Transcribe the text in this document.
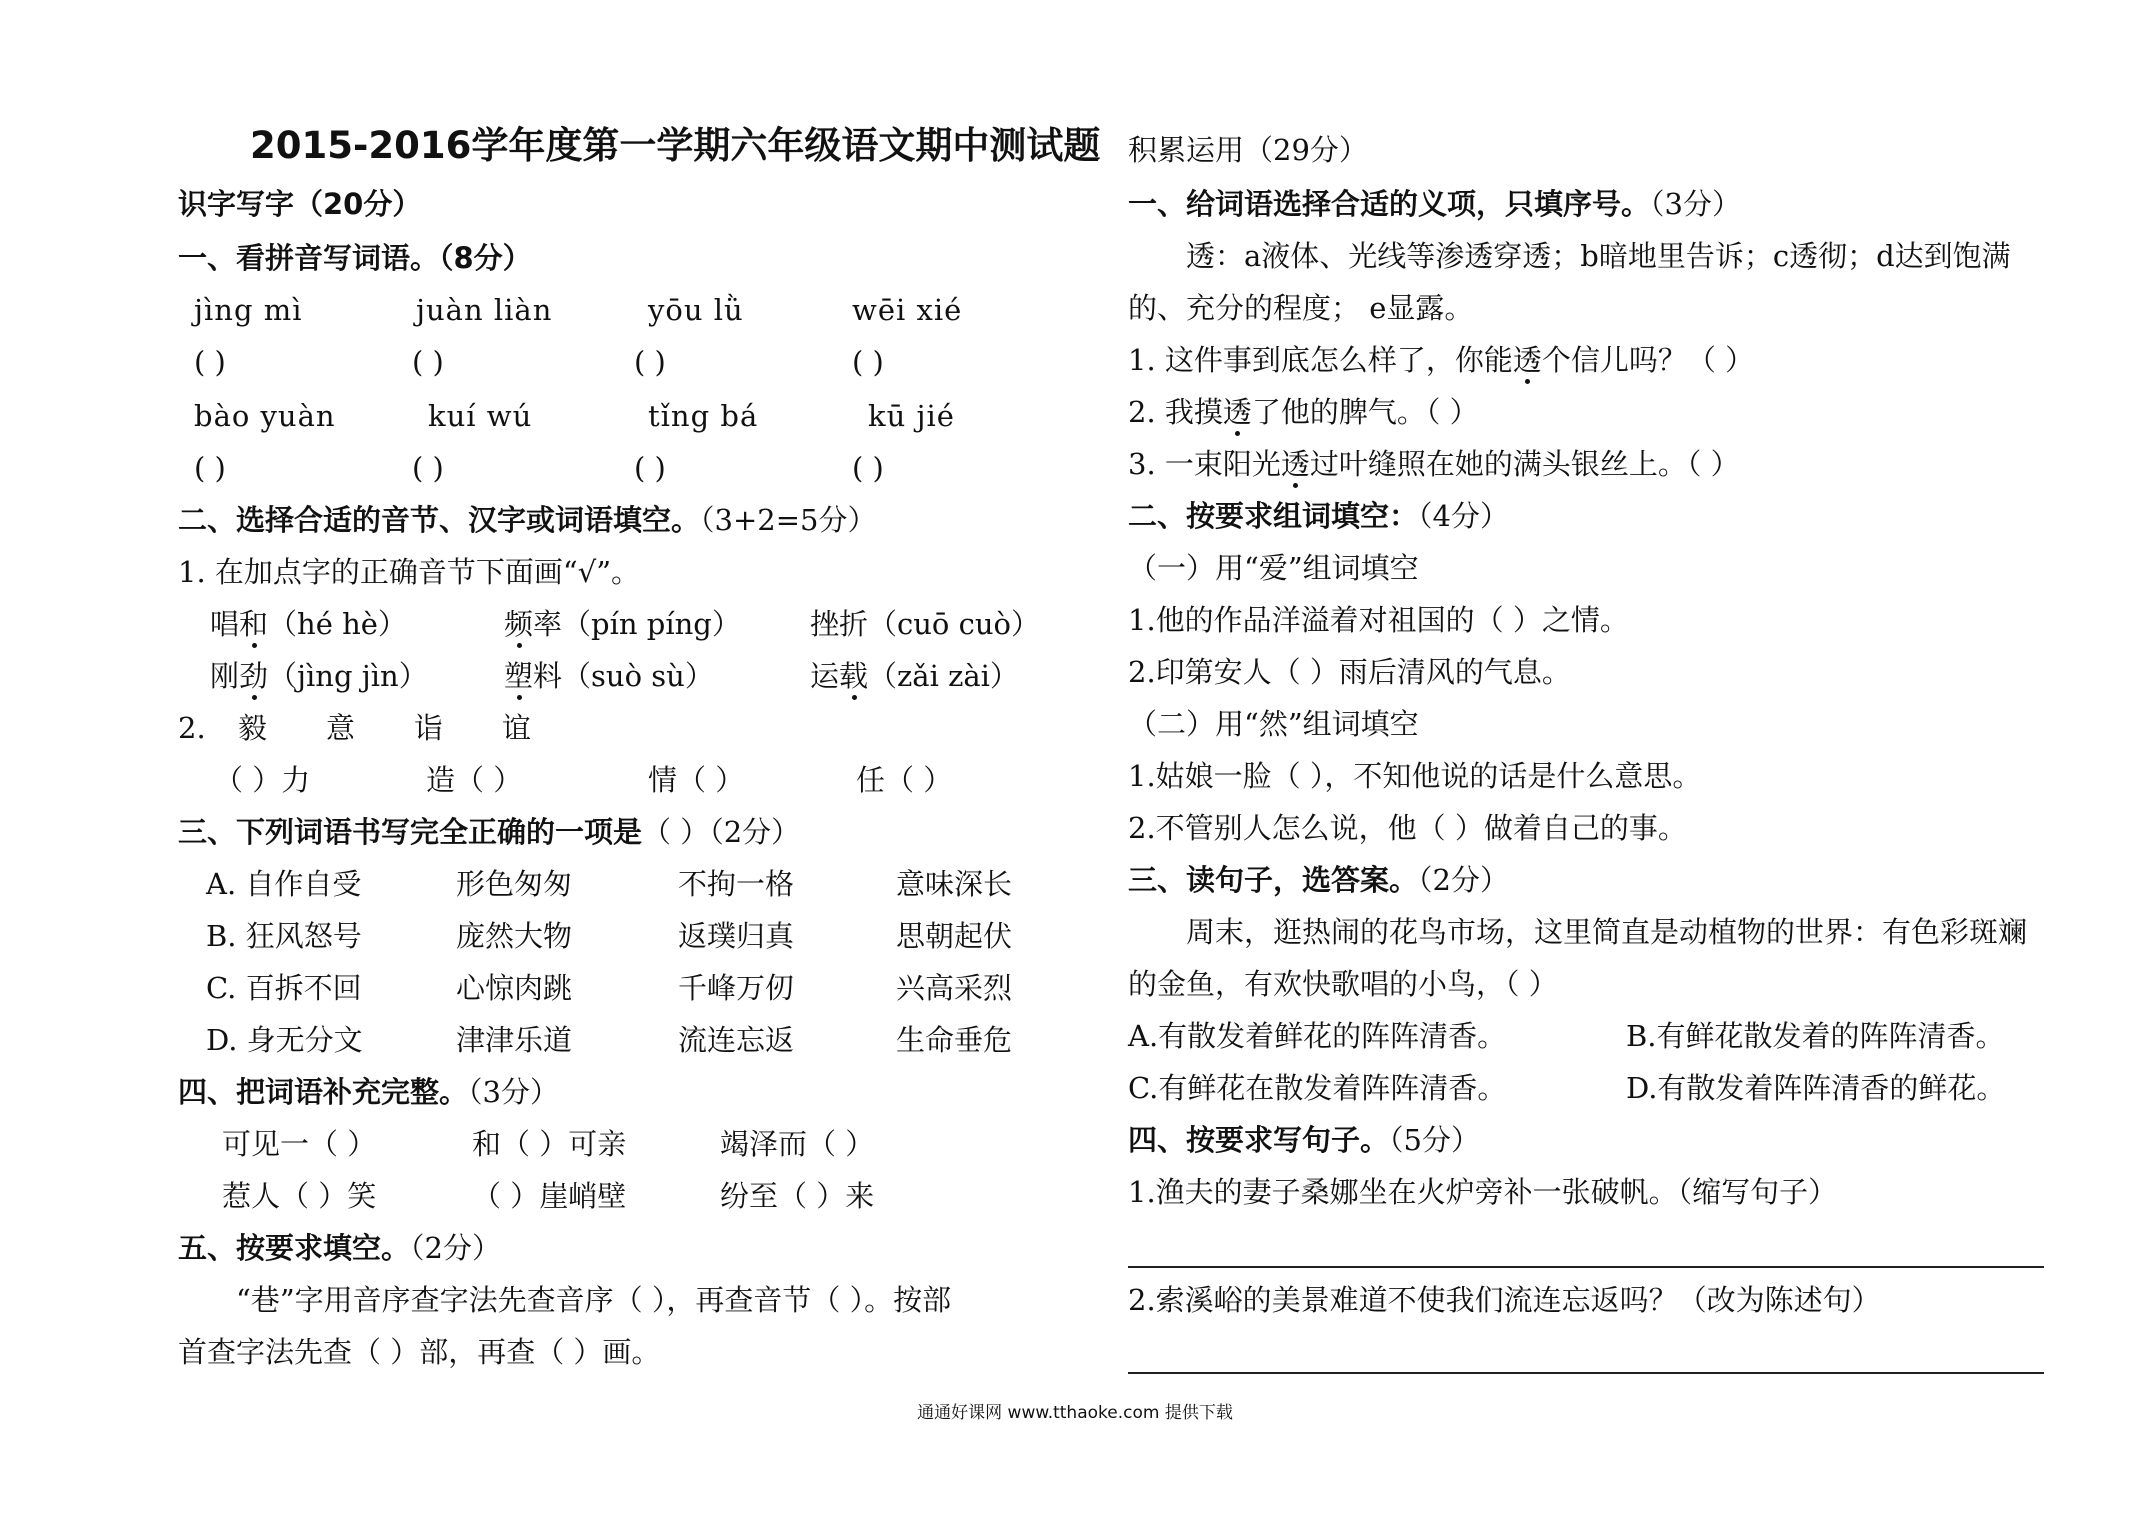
2015-2016学年度第一学期六年级语文期中测试题
识字写字（20分）
一、看拼音写词语。（8分）
jìng mì	juàn liàn	yōu lǜ	wēi xié
( )	( )	( )	( )
bào yuàn	kuí wú	tǐng bá	kū jié
( )	( )	( )	( )
二、选择合适的音节、汉字或词语填空。（3+2=5分）
1. 在加点字的正确音节下面画“√”。
唱和（hé hè）	频率（pín píng） 挫折（cuō cuò）
刚劲（jìng jìn）	塑料（suò sù）	运载（zǎi zài）
2. 毅 意 诣 谊
（ ）力	造（ ）	情（ ）	任（ ）
三、下列词语书写完全正确的一项是（ ）（2分）
A. 自作自受	形色匆匆	不拘一格	意味深长
B. 狂风怒号	庞然大物	返璞归真	思朝起伏
C. 百拆不回	心惊肉跳	千峰万仞	兴高采烈
D. 身无分文	津津乐道	流连忘返	生命垂危
四、把词语补充完整。（3分）
可见一（ ）	和（ ）可亲	竭泽而（ ）
惹人（ ）笑	（ ）崖峭壁	纷至（ ）来
五、按要求填空。（2分）
“巷”字用音序查字法先查音序（ ），再查音节（ ）。按部
首查字法先查（ ）部，再查（ ）画。
积累运用（29分）
一、给词语选择合适的义项，只填序号。（3分）
透：a液体、光线等渗透穿透；b暗地里告诉；c透彻；d达到饱满
的、充分的程度； e显露。
1. 这件事到底怎么样了，你能透个信儿吗？（ ）
2. 我摸透了他的脾气。（ ）
3. 一束阳光透过叶缝照在她的满头银丝上。（ ）
二、按要求组词填空：（4分）
（一）用“爱”组词填空
1.他的作品洋溢着对祖国的（ ）之情。
2.印第安人（ ）雨后清风的气息。
（二）用“然”组词填空
1.姑娘一脸（ ），不知他说的话是什么意思。
2.不管别人怎么说，他（ ）做着自己的事。
三、读句子，选答案。（2分）
周末，逛热闹的花鸟市场，这里简直是动植物的世界：有色彩斑斓
的金鱼，有欢快歌唱的小鸟，（ ）
A.有散发着鲜花的阵阵清香。	B.有鲜花散发着的阵阵清香。
C.有鲜花在散发着阵阵清香。	D.有散发着阵阵清香的鲜花。
四、按要求写句子。（5分）
1.渔夫的妻子桑娜坐在火炉旁补一张破帆。（缩写句子）
2.索溪峪的美景难道不使我们流连忘返吗？（改为陈述句）
通通好课网 www.tthaoke.com 提供下载
